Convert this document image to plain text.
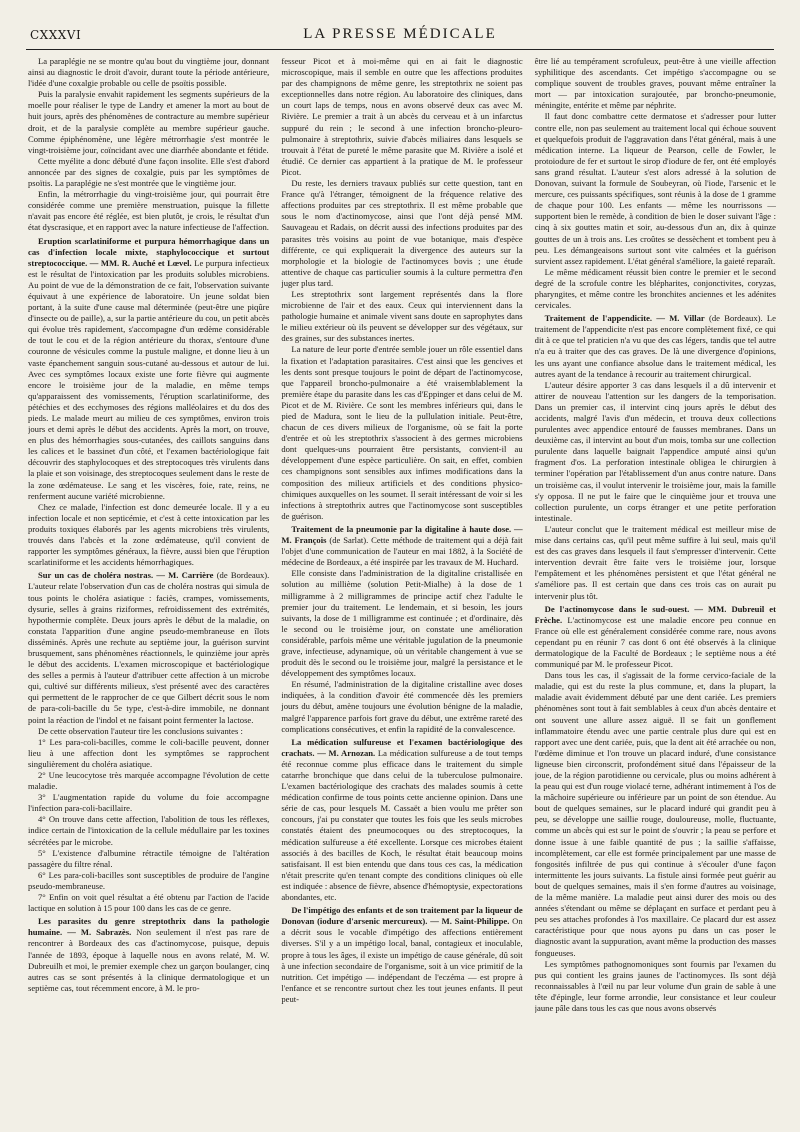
CXXXVI	LA PRESSE MÉDICALE

La paraplégie ne se montre qu'au bout du vingtième jour, donnant ainsi au diagnostic le droit d'avoir, durant toute la période antérieure, l'idée d'une coxalgie probable ou celle de psoïtis possible.

Puis la paralysie envahit rapidement les segments supérieurs de la moelle pour réaliser le type de Landry et amener la mort au bout de huit jours, après des phénomènes de contracture au membre supérieur droit, et de la paralysie complète au membre supérieur gauche. Comme épiphénomène, une légère métrorrhagie s'est montrée le vingt-troisième jour, coïncidant avec une diarrhée abondante et fétide.

Cette myélite a donc débuté d'une façon insolite. Elle s'est d'abord annoncée par des signes de coxalgie, puis par les symptômes de psoïtis. La paraplégie ne s'est montrée que le vingtième jour.

Enfin, la métrorrhagie du vingt-troisième jour, qui pourrait être considérée comme une première menstruation, puisque la fillette n'avait pas encore été réglée, est bien plutôt, je crois, le résultat d'un état dyscrasique, et en rapport avec la nature infectieuse de l'affection.

Eruption scarlatiniforme et purpura hémorrhagique dans un cas d'infection locale mixte, staphylococcique et surtout streptococcique. — MM. R. Auché et Lœvel. Le purpura infectieux est le résultat de l'intoxication par les produits solubles microbiens. Au point de vue de la démonstration de ce fait, l'observation suivante équivaut à une expérience de laboratoire. Un jeune soldat bien portant, à la suite d'une cause mal déterminée (peut-être une piqûre d'insecte ou de paille), a, sur la partie antérieure du cou, un petit abcès qui évolue très rapidement, s'accompagne d'un œdème considérable de tout le cou et de la région antérieure du thorax, s'entoure d'une couronne de vésicules comme la pustule maligne, et donne lieu à un vaste épanchement sanguin sous-cutané au-dessous et autour de lui. Avec ces symptômes locaux existe une forte fièvre qui augmente encore le troisième jour de la maladie, en même temps qu'apparaissent des vomissements, l'éruption scarlatiniforme, des pétéchies et des ecchymoses des régions malléolaires et du dos des pieds. Le malade meurt au milieu de ces symptômes, environ trois jours et demi après le début des accidents. Après la mort, on trouve, en plus des hémorrhagies sous-cutanées, des caillots sanguins dans les calices et le bassinet d'un côté, et l'examen bactériologique fait découvrir des staphylocoques et des streptocoques très virulents dans la plaie et son voisinage, des streptocoques seulement dans le reste de la zone œdémateuse. Le sang et les viscères, foie, rate, reins, ne renferment aucune variété microbienne.

Chez ce malade, l'infection est donc demeurée locale. Il y a eu infection locale et non septicémie, et c'est à cette intoxication par les produits toxiques élaborés par les agents microbiens très virulents, trouvés dans l'abcès et la zone œdémateuse, qu'il convient de rapporter les symptômes généraux, la fièvre, aussi bien que l'éruption scarlatiniforme et les accidents hémorrhagiques.

Sur un cas de choléra nostras. — M. Carrière (de Bordeaux). L'auteur relate l'observation d'un cas de choléra nostras qui simula de tous points le choléra asiatique : faciès, crampes, vomissements, dysurie, selles à grains riziformes, refroidissement des extrémités, hypothermie complète. Deux jours après le début de la maladie, on constata l'apparition d'une angine pseudo-membraneuse en îlots disséminés. Après une rechute au septième jour, la guérison survint brusquement, sans phénomènes réactionnels, le quinzième jour après le début des accidents. L'examen microscopique et bactériologique des selles a permis à l'auteur d'attribuer cette affection à un microbe qui, cultivé sur différents milieux, s'est présenté avec des caractères qui permettent de le rapprocher de ce que Gilbert décrit sous le nom de para-coli-bacille du 5e type, c'est-à-dire immobile, ne donnant point la réaction de l'indol et ne faisant point fermenter la lactose.

De cette observation l'auteur tire les conclusions suivantes :

1° Les para-coli-bacilles, comme le coli-bacille peuvent, donner lieu à une affection dont les symptômes se rapprochent singulièrement du choléra asiatique.

2° Une leucocytose très marquée accompagne l'évolution de cette maladie.

3° L'augmentation rapide du volume du foie accompagne l'infection para-coli-bacillaire.

4° On trouve dans cette affection, l'abolition de tous les réflexes, indice certain de l'intoxication de la cellule médullaire par les toxines sécrétées par le microbe.

5° L'existence d'albumine rétractile témoigne de l'altération passagère du filtre rénal.

6° Les para-coli-bacilles sont susceptibles de produire de l'angine pseudo-membraneuse.

7° Enfin on voit quel résultat a été obtenu par l'action de l'acide lactique en solution à 15 pour 100 dans les cas de ce genre.

Les parasites du genre streptothrix dans la pathologie humaine. — M. Sabrazès. Non seulement il n'est pas rare de rencontrer à Bordeaux des cas d'actinomycose, puisque, depuis l'année de 1893, époque à laquelle nous en avons relaté, M. W. Dubreuilh et moi, le premier exemple chez un garçon boulanger, cinq autres cas se sont présentés à la clinique dermatologique et un septième cas, tout récemment encore, à M. le pro-

fesseur Picot et à moi-même qui en ai fait le diagnostic microscopique, mais il semble en outre que les affections produites par des champignons de même genre, les streptothrix ne soient pas exceptionnelles dans notre région. Au laboratoire des cliniques, dans un court laps de temps, nous en avons observé deux cas avec M. Rivière. Le premier a trait à un abcès du cerveau et à un infarctus suppuré du rein ; le second à une infection broncho-pleuro-pulmonaire à streptothrix, suivie d'abcès miliaires dans lesquels se trouvait à l'état de pureté le même parasite que M. Rivière a isolé et étudié. Ce dernier cas appartient à la pratique de M. le professeur Picot.

Du reste, les derniers travaux publiés sur cette question, tant en France qu'à l'étranger, témoignent de la fréquence relative des affections produites par ces streptothrix. Il est même probable que sous le nom d'actinomycose, ainsi que l'ont déjà pensé MM. Sauvageau et Radais, on décrit aussi des infections produites par des parasites très voisins au point de vue botanique, mais d'espèce différente, ce qui expliquerait la divergence des auteurs sur la morphologie et la biologie de l'actinomyces bovis ; une étude attentive de chaque cas particulier soumis à la culture permettra d'en juger plus tard.

Les streptothrix sont largement représentés dans la flore microbienne de l'air et des eaux. Ceux qui interviennent dans la pathologie humaine et animale vivent sans doute en saprophytes dans le milieu extérieur où ils peuvent se développer sur des végétaux, sur des graines, sur des substances inertes.

La nature de leur porte d'entrée semble jouer un rôle essentiel dans la fixation et l'adaptation parasitaires. C'est ainsi que les gencives et les dents sont presque toujours le point de départ de l'actinomycose, que l'appareil broncho-pulmonaire a été vraisemblablement la première étape du parasite dans les cas d'Eppinger et dans celui de M. Picot et de M. Rivière. Ce sont les membres inférieurs qui, dans le pied de Madura, sont le lieu de la pullulation initiale. Peut-être, chacun de ces divers milieux de l'organisme, où se fait la porte d'entrée et où les streptothrix s'associent à des germes microbiens dont quelques-uns pourraient être persistants, convient-il au développement d'une espèce particulière. On sait, en effet, combien ces champignons sont sensibles aux infimes modifications dans la composition des milieux artificiels et des conditions physico-chimiques auxquelles on les soumet. Il serait intéressant de voir si les infections à streptothrix autres que l'actinomycose sont susceptibles de guérison.

Traitement de la pneumonie par la digitaline à haute dose. — M. François (de Sarlat). Cette méthode de traitement qui a déjà fait l'objet d'une communication de l'auteur en mai 1882, à la Société de médecine de Bordeaux, a été inspirée par les travaux de M. Huchard.

Elle consiste dans l'administration de la digitaline cristallisée en solution au millième (solution Petit-Mialhe) à la dose de 1 milligramme à 2 milligrammes de principe actif chez l'adulte le premier jour du traitement. Le lendemain, et si besoin, les jours suivants, la dose de 1 milligramme est continuée ; et d'ordinaire, dès le second ou le troisième jour, on constate une amélioration considérable, parfois même une véritable jugulation de la pneumonie grave, infectieuse, adynamique, où un véritable changement à vue se produit dès le second ou le troisième jour, malgré la persistance et le développement des symptômes locaux.

En résumé, l'administration de la digitaline cristalline avec doses indiquées, à la condition d'avoir été commencée dès les premiers jours du début, amène toujours une évolution bénigne de la maladie, malgré l'apparence parfois fort grave du début, une extrême rareté des complications consécutives, et enfin la rapidité de la convalescence.

La médication sulfureuse et l'examen bactériologique des crachats. — M. Arnozan. La médication sulfureuse a de tout temps été reconnue comme plus efficace dans le traitement du simple catarrhe bronchique que dans celui de la tuberculose pulmonaire. L'examen bactériologique des crachats des malades soumis à cette médication confirme de tous points cette ancienne opinion. Dans une série de cas, pour lesquels M. Cassaët a bien voulu me prêter son concours, j'ai pu constater que toutes les fois que les seuls microbes constatés étaient des pneumocoques ou des streptocoques, la médication sulfureuse a été excellente. Lorsque ces microbes étaient associés à des bacilles de Koch, le résultat était beaucoup moins satisfaisant. Il est bien entendu que dans tous ces cas, la médication n'était prescrite qu'en tenant compte des conditions cliniques où elle est indiquée : absence de fièvre, absence d'hémoptysie, expectorations abondantes, etc.

De l'impétigo des enfants et de son traitement par la liqueur de Donovan (iodure d'arsenic mercureux). — M. Saint-Philippe. On a décrit sous le vocable d'impétigo des affections entièrement diverses. S'il y a un impétigo local, banal, contagieux et inoculable, propre à tous les âges, il existe un impétigo de cause générale, dû soit à une infection secondaire de l'organisme, soit à un vice primitif de la nutrition. Cet impétigo — indépendant de l'eczéma — est propre à l'enfance et se rencontre surtout chez les tout jeunes enfants. Il peut peut-

être lié au tempérament scrofuleux, peut-être à une vieille affection syphilitique des ascendants. Cet impétigo s'accompagne ou se complique souvent de troubles graves, pouvant même entraîner la mort — par intoxication surajoutée, par broncho-pneumonie, méningite, entérite et même par néphrite.

Il faut donc combattre cette dermatose et s'adresser pour lutter contre elle, non pas seulement au traitement local qui échoue souvent et quelquefois produit de l'aggravation dans l'état général, mais à une médication interne. La liqueur de Pearson, celle de Fowler, le protoiodure de fer et surtout le sirop d'iodure de fer, ont été employés sans grand résultat. L'auteur s'est alors adressé à la solution de Donovan, suivant la formule de Soubeyran, où l'iode, l'arsenic et le mercure, ces puissants spécifiques, sont réunis à la dose de 1 gramme de chaque pour 100. Les enfants — même les nourrissons — supportent bien le remède, à condition de bien le doser suivant l'âge : cinq à six gouttes matin et soir, au-dessous d'un an, dix à quinze gouttes de un à trois ans. Les croûtes se dessèchent et tombent peu à peu. Les démangeaisons surtout sont vite calmées et la guérison survient assez rapidement. L'état général s'améliore, la gaieté reparaît.

Le même médicament réussit bien contre le premier et le second degré de la scrofule contre les blépharites, conjonctivites, coryzas, pharyngites, et même contre les bronchites anciennes et les adénites cervicales.

Traitement de l'appendicite. — M. Villar (de Bordeaux). Le traitement de l'appendicite n'est pas encore complètement fixé, ce qui dit à ce que tel praticien n'a vu que des cas légers, tandis que tel autre n'a eu à traiter que des cas graves. De là une divergence d'opinions, les uns ayant une confiance absolue dans le traitement médical, les autres ayant de la tendance à recourir au traitement chirurgical.

L'auteur désire apporter 3 cas dans lesquels il a dû intervenir et attirer de nouveau l'attention sur les dangers de la temporisation. Dans un premier cas, il intervint cinq jours après le début des accidents, malgré l'avis d'un médecin, et trouva deux collections purulentes avec appendice entouré de fausses membranes. Dans un deuxième cas, il intervint au bout d'un mois, tomba sur une collection purulente dans laquelle baignait l'appendice amputé ainsi qu'un fragment d'os. La perforation intestinale obligea le chirurgien à terminer l'opération par l'établissement d'un anus contre nature. Dans un troisième cas, il voulut intervenir le troisième jour, mais la famille s'y opposa. Il ne put le faire que le cinquième jour et trouva une collection purulente, un corps étranger et une petite perforation intestinale.

L'auteur conclut que le traitement médical est meilleur mise de mise dans certains cas, qu'il peut même suffire à lui seul, mais qu'il est des cas graves dans lesquels il faut s'empresser d'intervenir. Cette intervention devrait être faite vers le troisième jour, lorsque l'empâtement et les phénomènes persistent et que l'état général ne s'améliore pas. Il est certain que dans ces trois cas on aurait pu intervenir plus tôt.

De l'actinomycose dans le sud-ouest. — MM. Dubreuil et Frèche. L'actinomycose est une maladie encore peu connue en France où elle est généralement considérée comme rare, nous avons cependant pu en réunir 7 cas dont 6 ont été observés à la clinique dermatologique de la Faculté de Bordeaux ; le septième nous a été communiqué par M. le professeur Picot.

Dans tous les cas, il s'agissait de la forme cervico-faciale de la maladie, qui est du reste la plus commune, et, dans la plupart, la maladie avait évidemment débuté par une dent cariée. Les premiers phénomènes sont tout à fait semblables à ceux d'un abcès dentaire et ont souvent une allure assez aiguë. Il se fait un gonflement inflammatoire étendu avec une partie centrale plus dure qui est en rapport avec une dent cariée, puis, que la dent ait été arrachée ou non, l'œdème diminue et l'on trouve un placard induré, d'une consistance ligneuse bien circonscrit, profondément situé dans l'épaisseur de la joue, de la région parotidienne ou cervicale, plus ou moins adhérent à la peau qui est d'un rouge violacé terne, adhérant intimement à l'os de la mâchoire supérieure ou inférieure par un point de son étendue. Au bout de quelques semaines, sur le placard induré qui grandit peu à peu, se développe une saillie rouge, douloureuse, molle, fluctuante, comme un abcès qui est sur le point de s'ouvrir ; la peau se perfore et donne issue à une faible quantité de pus ; la saillie s'affaisse, incomplètement, car elle est formée principalement par une masse de fongosités infiltrée de pus qui continue à s'écouler d'une façon intermittente les jours suivants. La fistule ainsi formée peut guérir au bout de quelques semaines, mais il s'en forme d'autres au voisinage, de la même manière. La maladie peut ainsi durer des mois ou des années s'étendant ou même se déplaçant en surface et perdant peu à peu ses attaches profondes à l'os maxillaire. Ce placard dur est assez caractéristique pour que nous ayons pu dans un cas poser le diagnostic avant la suppuration, avant même la production des masses fongueuses.

Les symptômes pathognomoniques sont fournis par l'examen du pus qui contient les grains jaunes de l'actinomyces. Ils sont déjà reconnaissables à l'œil nu par leur volume d'un grain de sable à une tête d'épingle, leur forme arrondie, leur consistance et leur couleur jaune pâle dans tous les cas que nous avons observés
